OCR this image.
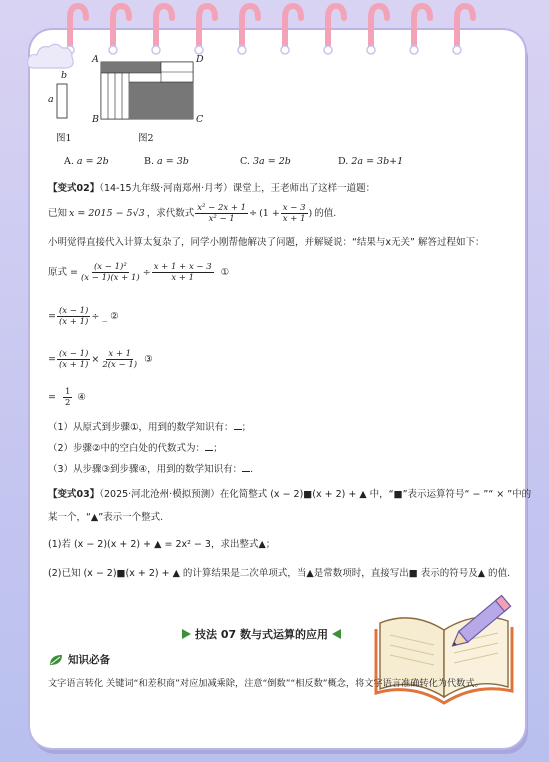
b
a
A	D
B	C
图1	图2
A. a = 2b	B. a = 3b	C. 3a = 2b	D. 2a = 3b+1
【变式02】（14-15九年级·河南郑州·月考）课堂上，王老师出了这样一道题：
已知 x = 2015 − 5√3 ，求代数式 $\frac{\text{x² − 2x + 1}}{\text{x² − 1}} \div (1 + \frac{x - 3}{x + 1}$ ) 的值.
小明觉得直接代入计算太复杂了，同学小刚帮他解决了问题，并解疑说：“结果与x无关” 解答过程如下：
原式 = $\frac{\text{(x − 1)²}}{(x - 1)(x + 1)} \div \frac{x + 1 + x - 3}{x + 1}$ ①
= $\frac{(x - 1)}{(x + 1)}$ ÷ _ ②
= $\frac{(x - 1)}{(x + 1)} \times \frac{x + 1}{2(x - 1)}$ ③
= $\frac{1}{2}$ ④
（1）从原式到步骤①，用到的数学知识有： ；
（2）步骤②中的空白处的代数式为： ；
（3）从步骤③到步骤④，用到的数学知识有： .
【变式03】（2025·河北沧州·模拟预测）在化简整式 (x − 2)■(x + 2) + ▲ 中，“■”表示运算符号“ − ”“ × ”中的
某一个，“▲”表示一个整式.
(1)若 (x − 2)(x + 2) + ▲ = 2x² − 3，求出整式▲；
(2)已知 (x − 2)■(x + 2) + ▲ 的计算结果是二次单项式，当▲是常数项时，直接写出■ 表示的符号及▲ 的值.
技法 07 数与式运算的应用
知识必备
文字语言转化 关键词“和差积商”对应加减乘除，注意“倒数”“相反数”概念，将文字语言准确转化为代数式。
